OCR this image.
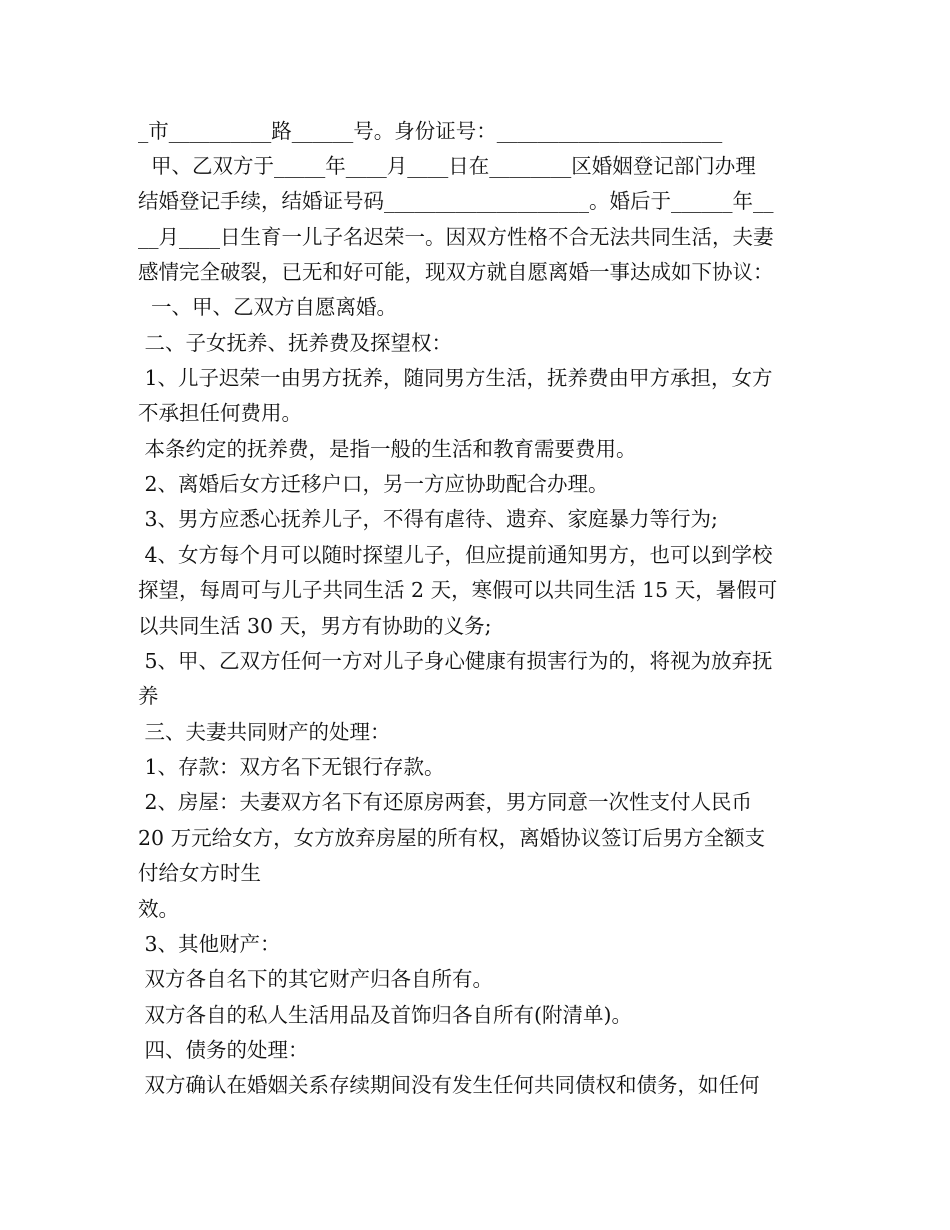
_市__________路______号。身份证号：______________________
甲、乙双方于_____年____月____日在________区婚姻登记部门办理
结婚登记手续，结婚证号码____________________。婚后于______年__
__月____日生育一儿子名迟荣一。因双方性格不合无法共同生活，夫妻
感情完全破裂，已无和好可能，现双方就自愿离婚一事达成如下协议：
一、甲、乙双方自愿离婚。
二、子女抚养、抚养费及探望权：
1、儿子迟荣一由男方抚养，随同男方生活，抚养费由甲方承担，女方
不承担任何费用。
本条约定的抚养费，是指一般的生活和教育需要费用。
2、离婚后女方迁移户口，另一方应协助配合办理。
3、男方应悉心抚养儿子，不得有虐待、遗弃、家庭暴力等行为;
4、女方每个月可以随时探望儿子，但应提前通知男方，也可以到学校
探望，每周可与儿子共同生活 2 天，寒假可以共同生活 15 天，暑假可
以共同生活 30 天，男方有协助的义务;
5、甲、乙双方任何一方对儿子身心健康有损害行为的，将视为放弃抚
养
三、夫妻共同财产的处理：
1、存款：双方名下无银行存款。
2、房屋：夫妻双方名下有还原房两套，男方同意一次性支付人民币
20 万元给女方，女方放弃房屋的所有权，离婚协议签订后男方全额支
付给女方时生
效。
3、其他财产：
双方各自名下的其它财产归各自所有。
双方各自的私人生活用品及首饰归各自所有(附清单)。
四、债务的处理：
双方确认在婚姻关系存续期间没有发生任何共同债权和债务，如任何
